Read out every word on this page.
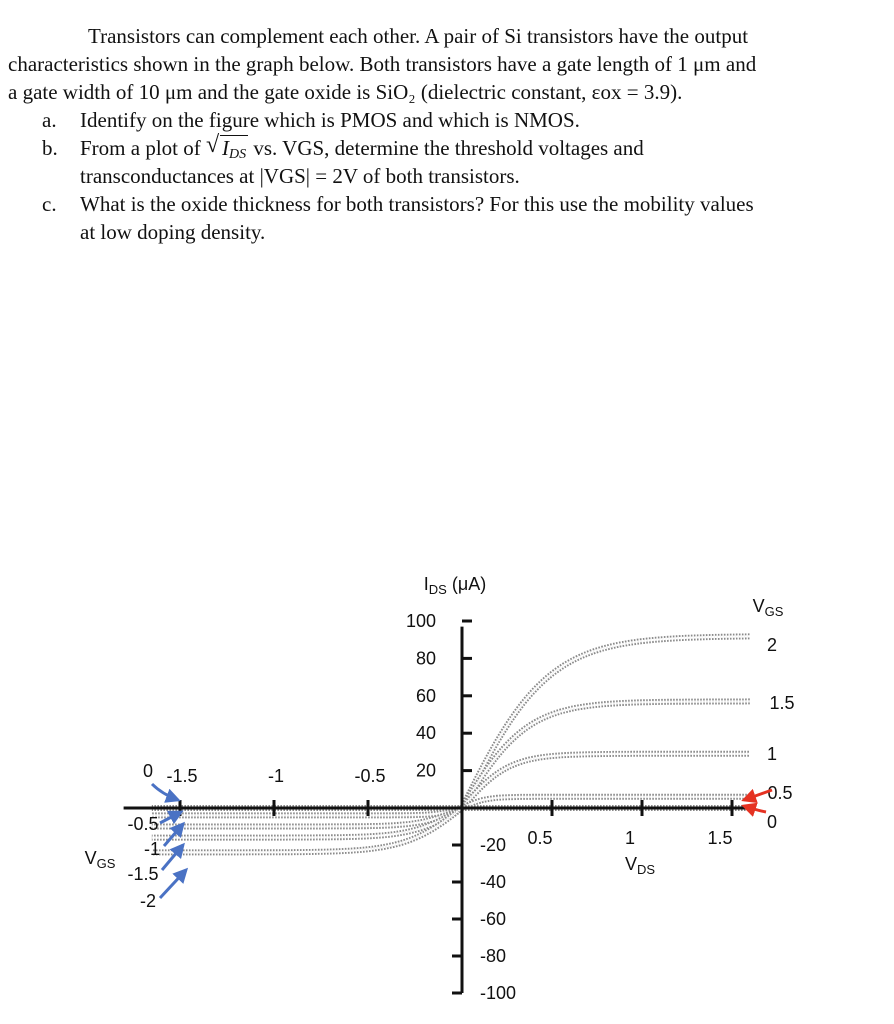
Transistors can complement each other. A pair of Si transistors have the output
characteristics shown in the graph below. Both transistors have a gate length of 1 μm and
a gate width of 10 μm and the gate oxide is SiO₂ (dielectric constant, εox = 3.9).
a. Identify on the figure which is PMOS and which is NMOS.
b. From a plot of √ $I_{DS}$ vs. VGS, determine the threshold voltages and
transconductances at |VGS| = 2V of both transistors.
c. What is the oxide thickness for both transistors? For this use the mobility values
at low doping density.
0.5	1	1.5
-1.5	-1	-0.5 20
40
60
80
100
-20
-40
-60
-80
-100
$I_{DS}$ (μA)
$V_{DS}$
$V_{GS}$
$V_{GS}$
2
1.5
1
0.5
0
0
-0.5
-1
-1.5
-2
